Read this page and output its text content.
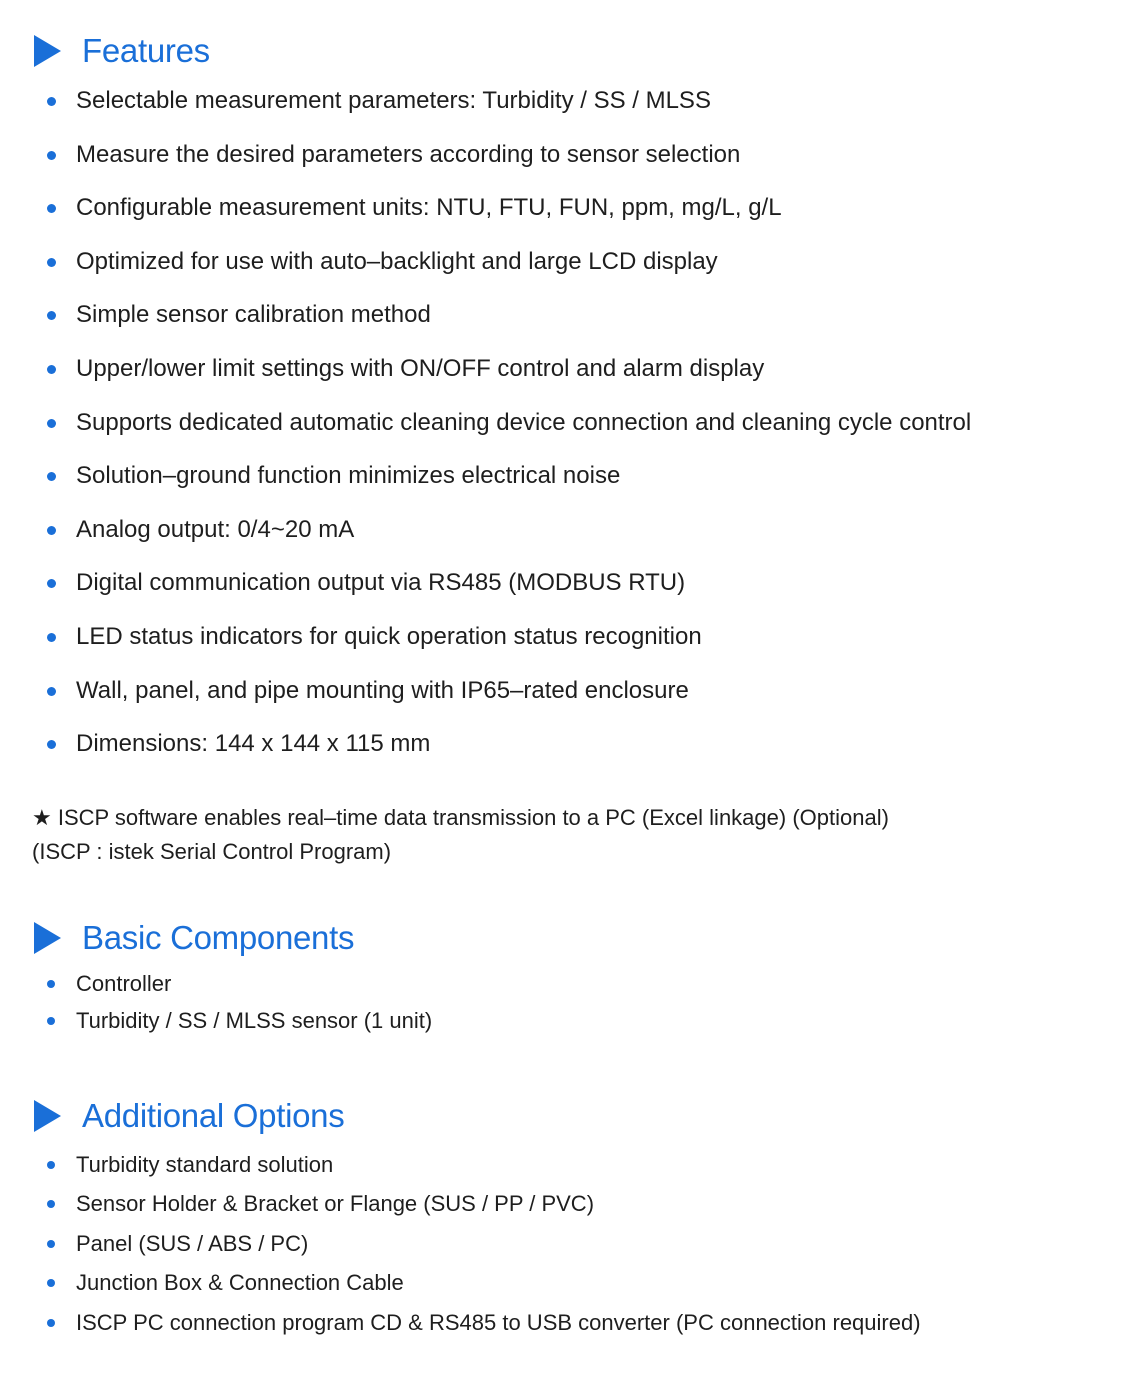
Features
Selectable measurement parameters: Turbidity / SS / MLSS
Measure the desired parameters according to sensor selection
Configurable measurement units: NTU, FTU, FUN, ppm, mg/L, g/L
Optimized for use with auto–backlight and large LCD display
Simple sensor calibration method
Upper/lower limit settings with ON/OFF control and alarm display
Supports dedicated automatic cleaning device connection and cleaning cycle control
Solution–ground function minimizes electrical noise
Analog output: 0/4~20 mA
Digital communication output via RS485 (MODBUS RTU)
LED status indicators for quick operation status recognition
Wall, panel, and pipe mounting with IP65–rated enclosure
Dimensions: 144 x 144 x 115 mm
★ ISCP software enables real–time data transmission to a PC (Excel linkage) (Optional)
(ISCP : istek Serial Control Program)
Basic Components
Controller
Turbidity / SS / MLSS sensor (1 unit)
Additional Options
Turbidity standard solution
Sensor Holder & Bracket or Flange (SUS / PP / PVC)
Panel (SUS / ABS / PC)
Junction Box & Connection Cable
ISCP PC connection program CD & RS485 to USB converter (PC connection required)
